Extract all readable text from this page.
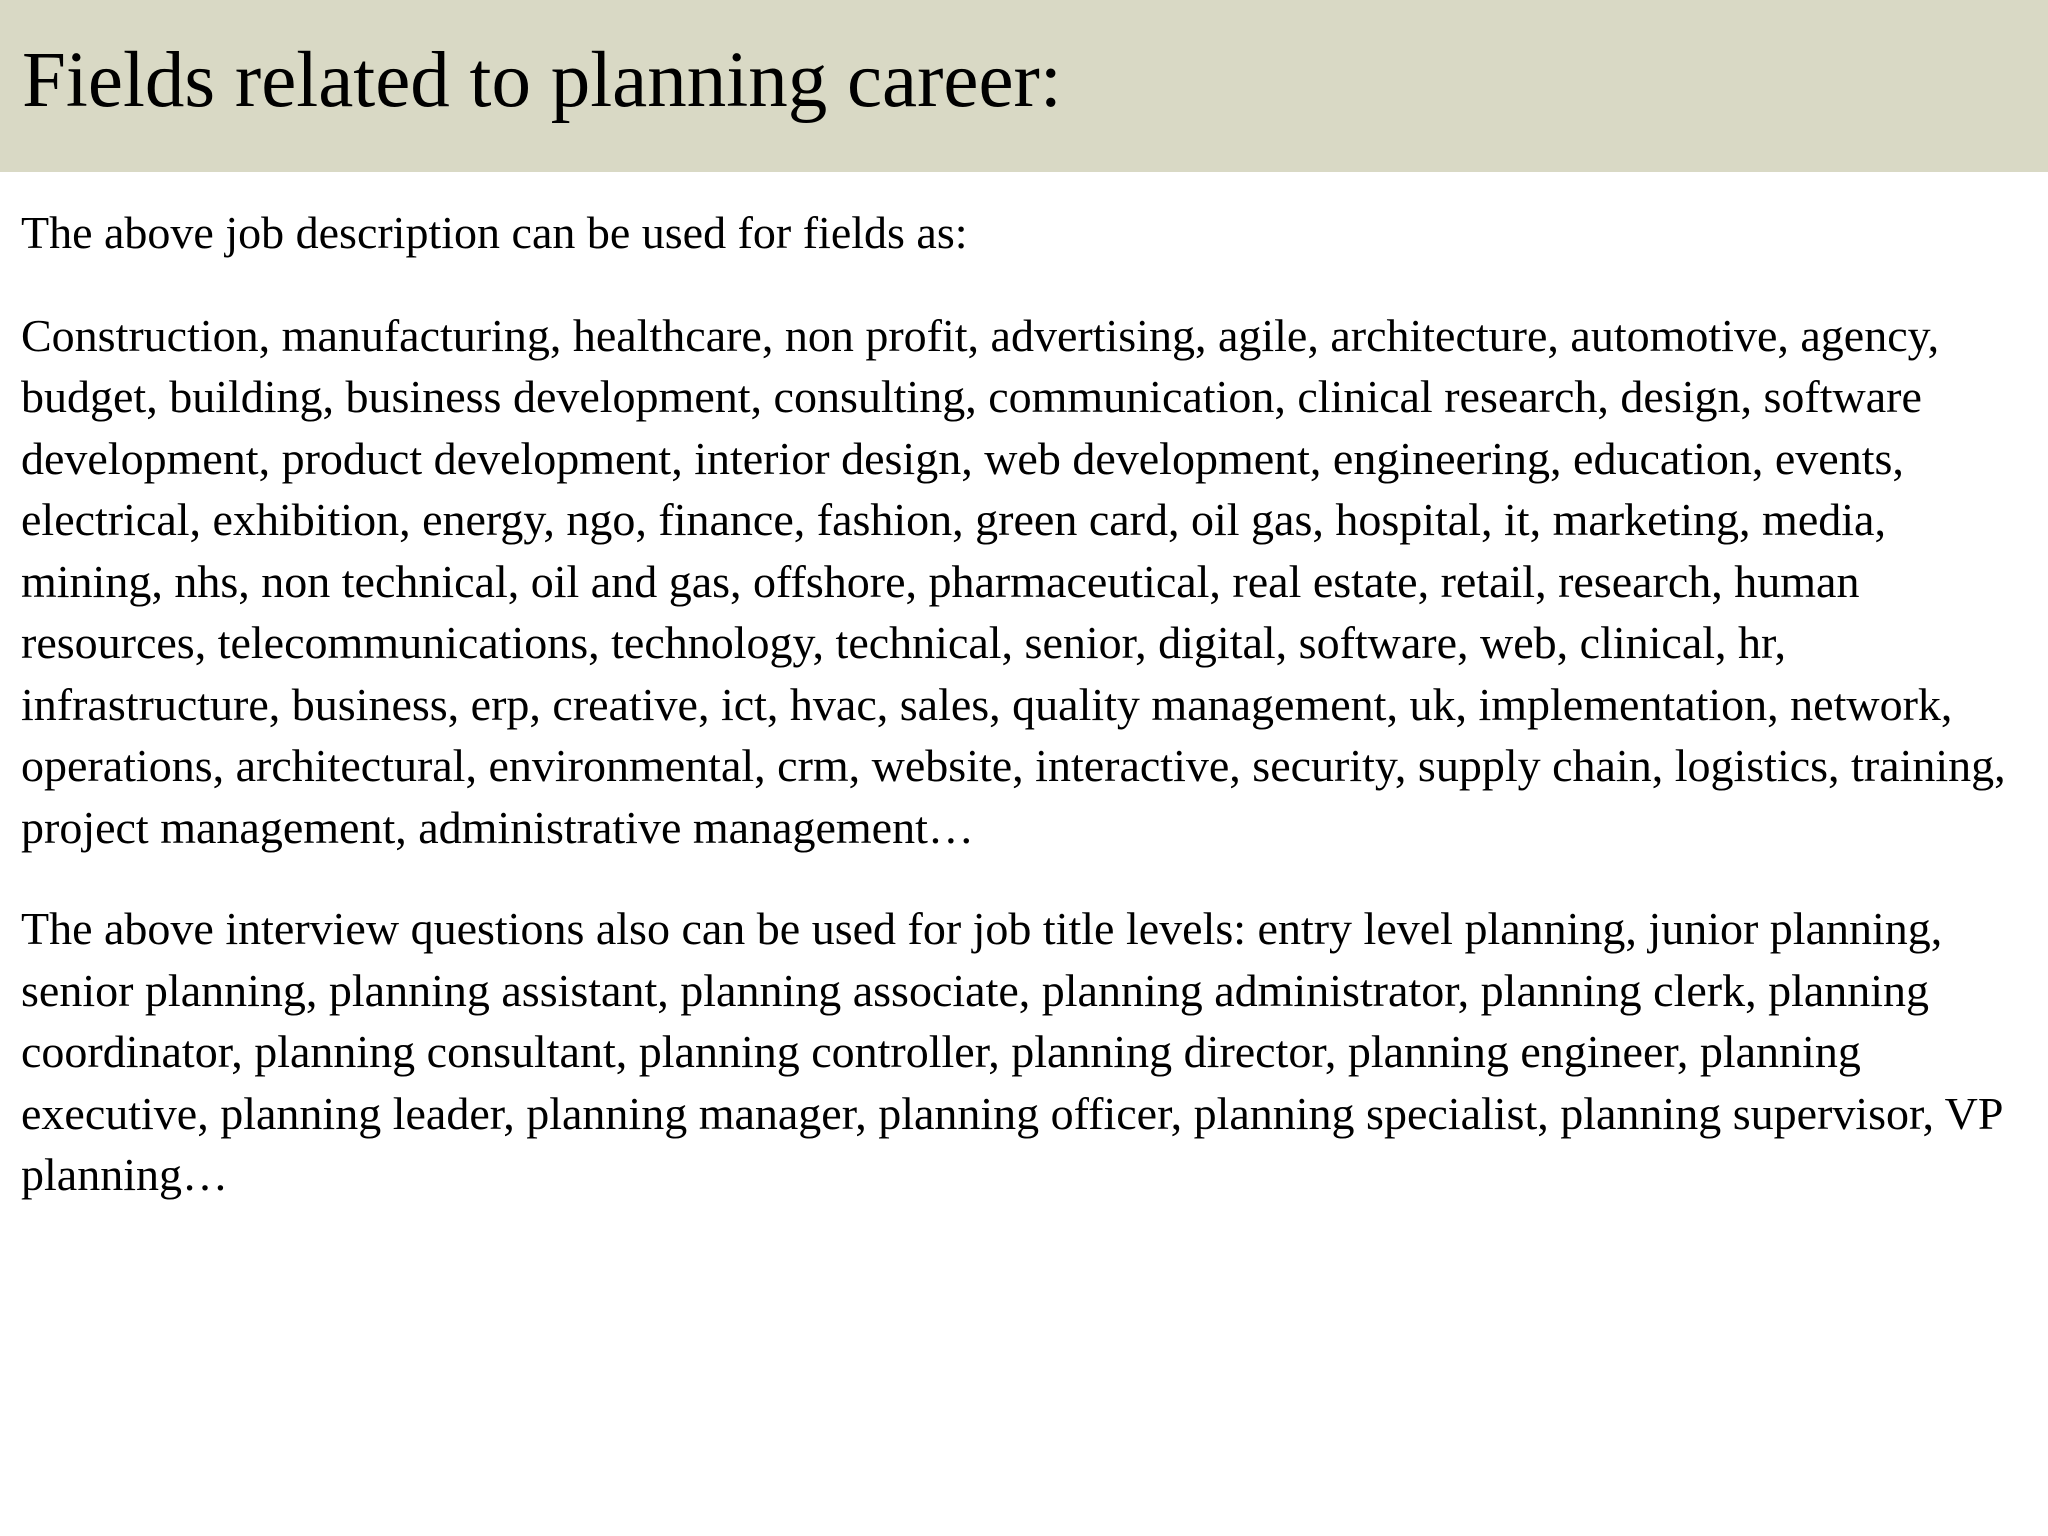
Fields related to planning career:

The above job description can be used for fields as:

Construction, manufacturing, healthcare, non profit, advertising, agile, architecture, automotive, agency, budget, building, business development, consulting, communication, clinical research, design, software development, product development, interior design, web development, engineering, education, events, electrical, exhibition, energy, ngo, finance, fashion, green card, oil gas, hospital, it, marketing, media, mining, nhs, non technical, oil and gas, offshore, pharmaceutical, real estate, retail, research, human resources, telecommunications, technology, technical, senior, digital, software, web, clinical, hr, infrastructure, business, erp, creative, ict, hvac, sales, quality management, uk, implementation, network, operations, architectural, environmental, crm, website, interactive, security, supply chain, logistics, training, project management, administrative management…

The above interview questions also can be used for job title levels: entry level planning, junior planning, senior planning, planning assistant, planning associate, planning administrator, planning clerk, planning coordinator, planning consultant, planning controller, planning director, planning engineer, planning executive, planning leader, planning manager, planning officer, planning specialist, planning supervisor, VP planning…
